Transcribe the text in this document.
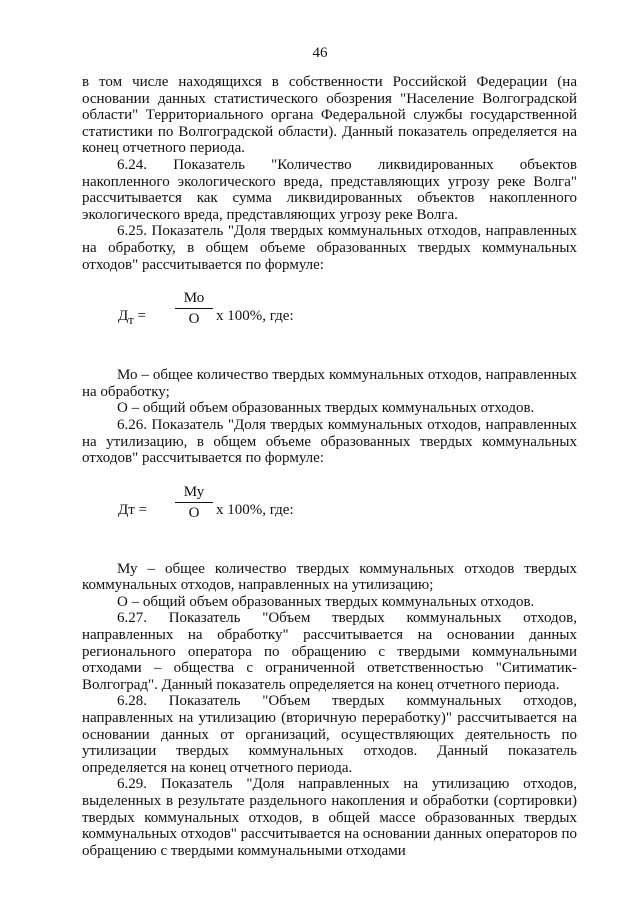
46

в том числе находящихся в собственности Российской Федерации (на основании данных статистического обозрения "Население Волгоградской области" Территориального органа Федеральной службы государственной статистики по Волгоградской области). Данный показатель определяется на конец отчетного периода.

6.24. Показатель "Количество ликвидированных объектов накопленного экологического вреда, представляющих угрозу реке Волга" рассчитывается как сумма ликвидированных объектов накопленного экологического вреда, представляющих угрозу реке Волга.

6.25. Показатель "Доля твердых коммунальных отходов, направленных на обработку, в общем объеме образованных твердых коммунальных отходов" рассчитывается по формуле:

$Д_т$ =
Мо
О	х 100%, где:

Мо – общее количество твердых коммунальных отходов, направленных на обработку;

О – общий объем образованных твердых коммунальных отходов.

6.26. Показатель "Доля твердых коммунальных отходов, направленных на утилизацию, в общем объеме образованных твердых коммунальных отходов" рассчитывается по формуле:

Дт =
Му
О	х 100%, где:

Му – общее количество твердых коммунальных отходов твердых коммунальных отходов, направленных на утилизацию;

О – общий объем образованных твердых коммунальных отходов.

6.27. Показатель "Объем твердых коммунальных отходов, направленных на обработку" рассчитывается на основании данных регионального оператора по обращению с твердыми коммунальными отходами – общества с ограниченной ответственностью "Ситиматик-Волгоград". Данный показатель определяется на конец отчетного периода.

6.28. Показатель "Объем твердых коммунальных отходов, направленных на утилизацию (вторичную переработку)" рассчитывается на основании данных от организаций, осуществляющих деятельность по утилизации твердых коммунальных отходов. Данный показатель определяется на конец отчетного периода.

6.29. Показатель "Доля направленных на утилизацию отходов, выделенных в результате раздельного накопления и обработки (сортировки) твердых коммунальных отходов, в общей массе образованных твердых коммунальных отходов" рассчитывается на основании данных операторов по обращению с твердыми коммунальными отходами
